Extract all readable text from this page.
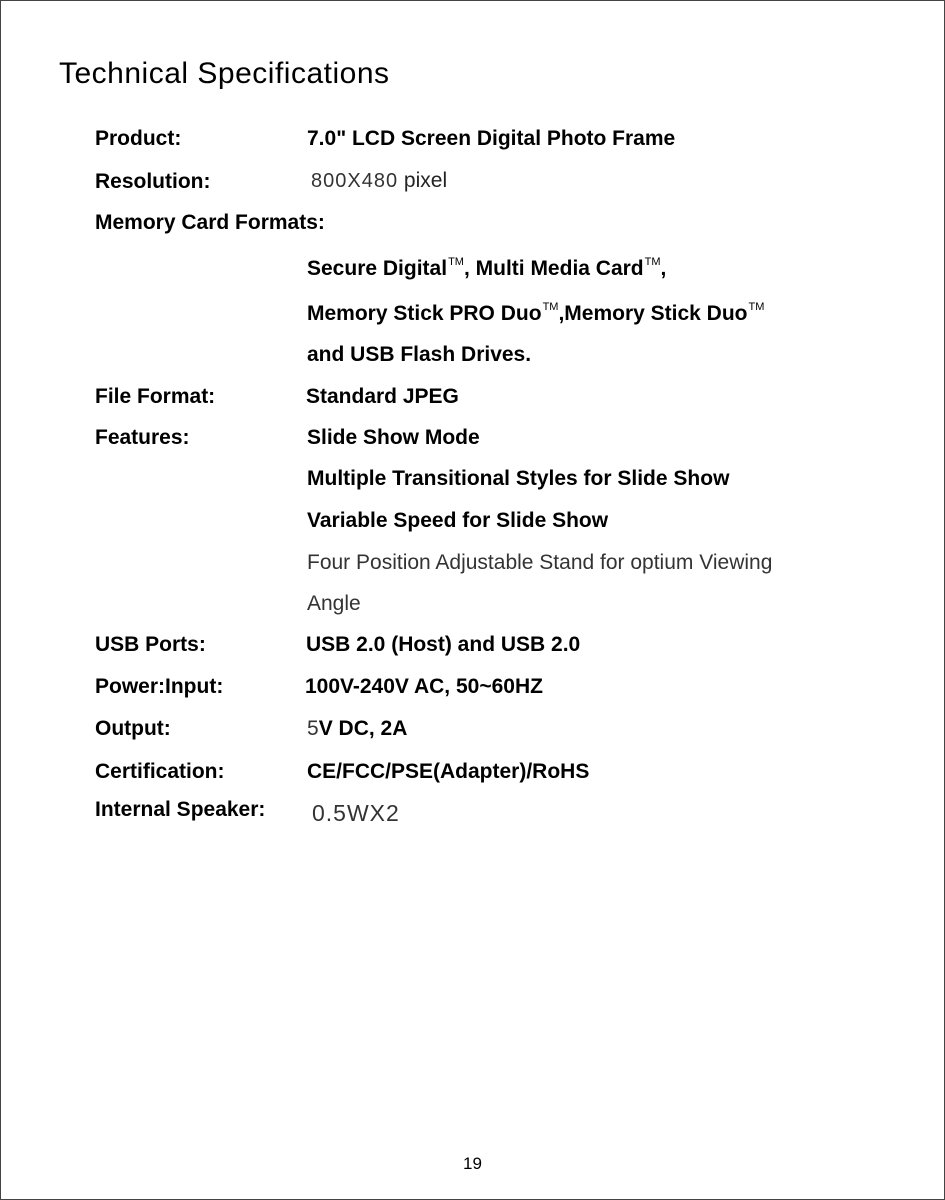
Technical Specifications
Product:	7.0" LCD Screen Digital Photo Frame
Resolution:	800X480 pixel
Memory Card Formats:
Secure Digital™, Multi Media Card™,
Memory Stick PRO Duo™,Memory Stick Duo™
and USB Flash Drives.
File Format:	Standard JPEG
Features:	Slide Show Mode
Multiple Transitional Styles for Slide Show
Variable Speed for Slide Show
Four Position Adjustable Stand for optium Viewing
Angle
USB Ports:	USB 2.0 (Host) and USB 2.0
Power:Input:	100V-240V AC, 50~60HZ
Output:	5V DC, 2A
Certification:	CE/FCC/PSE(Adapter)/RoHS
Internal Speaker: 0.5WX2
19
